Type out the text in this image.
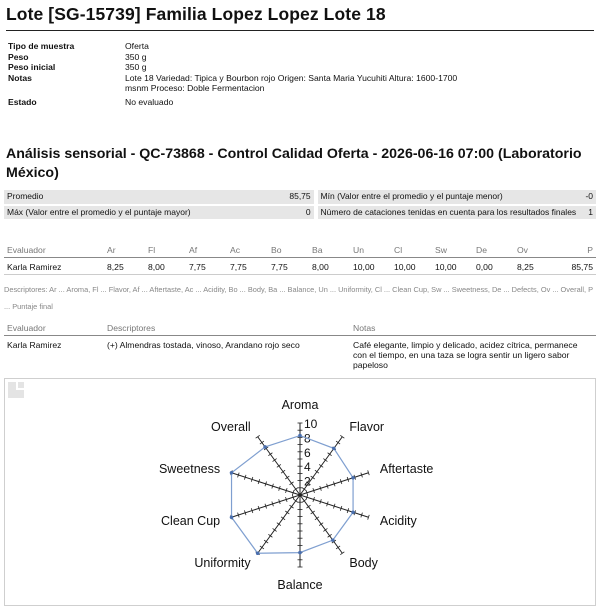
Lote [SG-15739] Familia Lopez Lopez Lote 18
Tipo de muestra	Oferta
Peso	350 g
Peso inicial	350 g
Notas	Lote 18 Variedad: Tipica y Bourbon rojo Origen: Santa Maria Yucuhiti Altura: 1600-1700 msnm Proceso: Doble Fermentacion
Estado	No evaluado
Análisis sensorial - QC-73868 - Control Calidad Oferta - 2026-06-16 07:00 (Laboratorio México)
Promedio	85,75		Mín (Valor entre el promedio y el puntaje menor)	-0
Máx (Valor entre el promedio y el puntaje mayor)	0		Número de cataciones tenidas en cuenta para los resultados finales	1
Evaluador	Ar	Fl	Af	Ac	Bo	Ba	Un	Cl	Sw	De	Ov	P
Karla Ramirez	8,25	8,00	7,75	7,75	7,75	8,00	10,00	10,00	10,00	0,00	8,25	85,75
Descriptores: Ar ... Aroma, Fl ... Flavor, Af ... Aftertaste, Ac ... Acidity, Bo ... Body, Ba ... Balance, Un ... Uniformity, Cl ... Clean Cup, Sw ... Sweetness, De ... Defects, Ov ... Overall, P ... Puntaje final
Evaluador	Descriptores	Notas
Karla Ramirez	(+) Almendras tostada, vinoso, Arandano rojo seco	Café elegante, limpio y delicado, acidez cítrica, permanece con el tiempo, en una taza se logra sentir un ligero sabor papeloso
2
4
6
8
10
Aroma
Flavor
Aftertaste
Acidity
Body
Balance
Uniformity
Clean Cup
Sweetness
Overall
